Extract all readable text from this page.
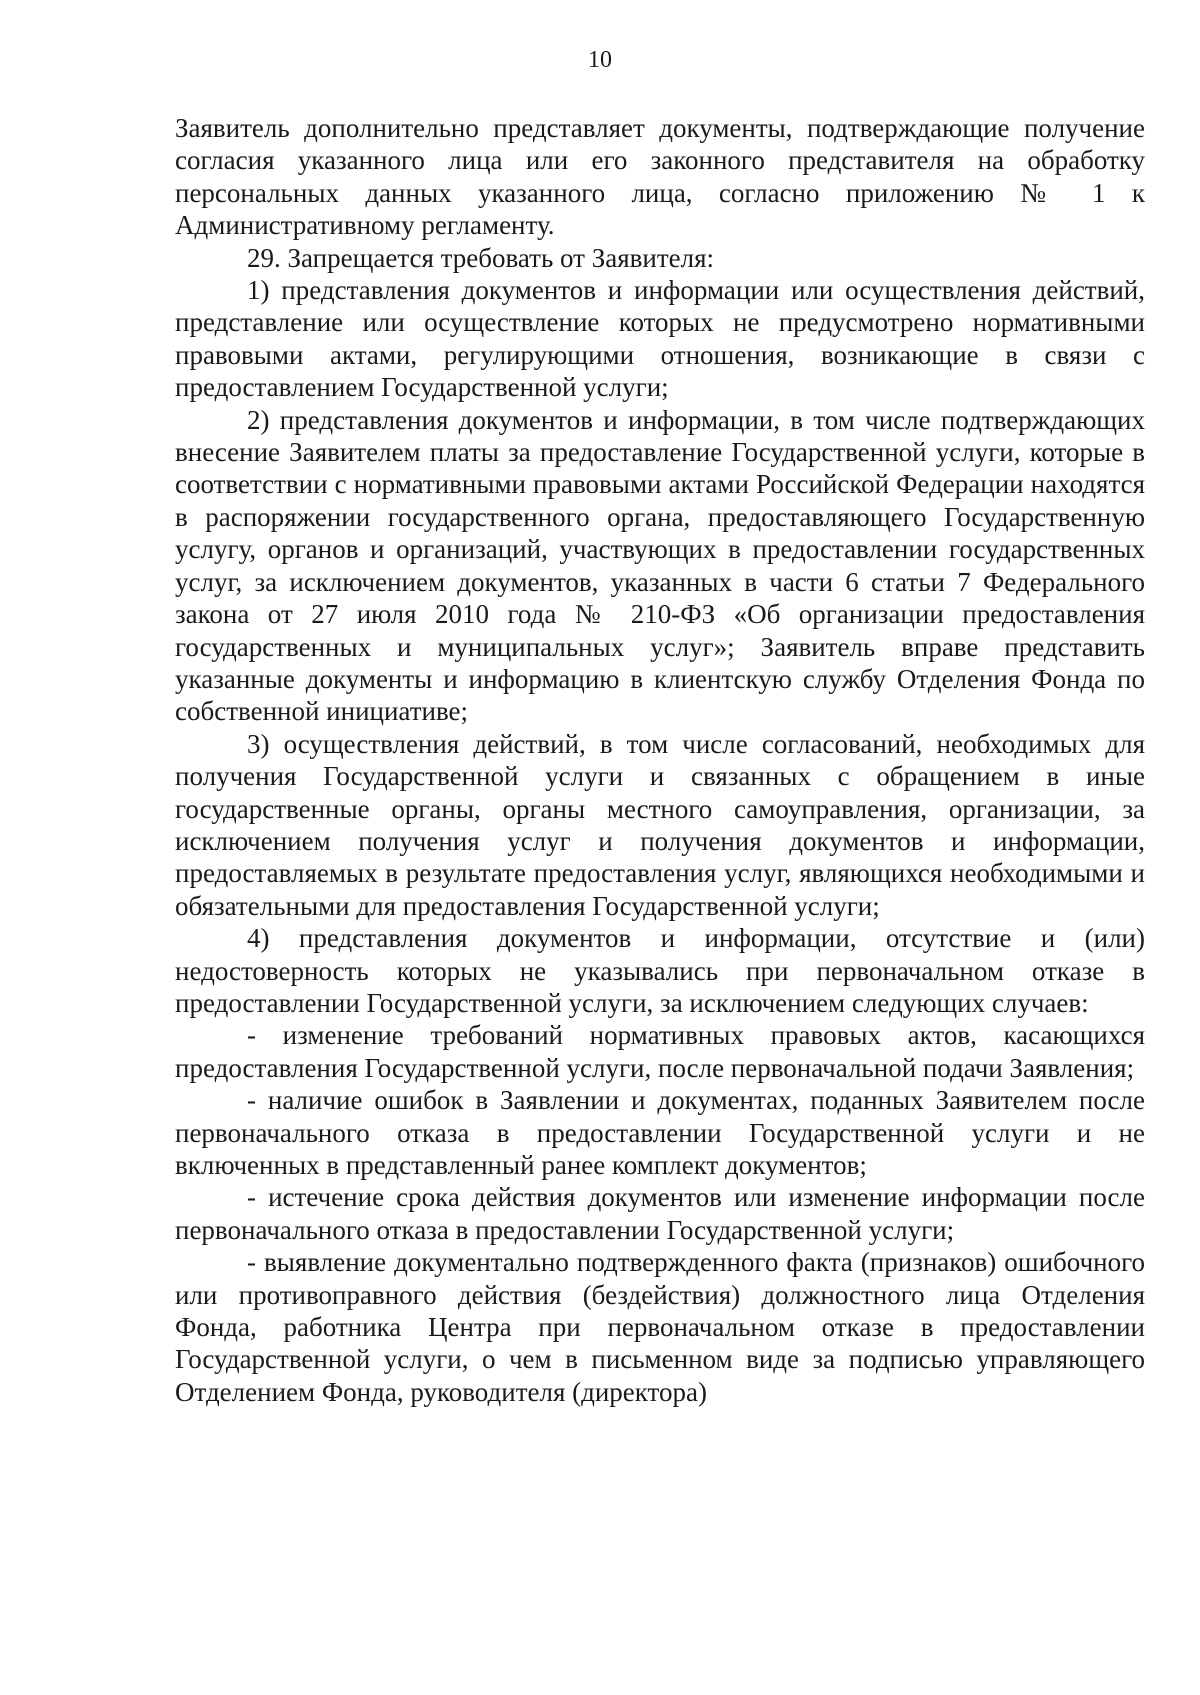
10

Заявитель дополнительно представляет документы, подтверждающие получение согласия указанного лица или его законного представителя на обработку персональных данных указанного лица, согласно приложению № 1 к Административному регламенту.

29. Запрещается требовать от Заявителя:

1) представления документов и информации или осуществления действий, представление или осуществление которых не предусмотрено нормативными правовыми актами, регулирующими отношения, возникающие в связи с предоставлением Государственной услуги;

2) представления документов и информации, в том числе подтверждающих внесение Заявителем платы за предоставление Государственной услуги, которые в соответствии с нормативными правовыми актами Российской Федерации находятся в распоряжении государственного органа, предоставляющего Государственную услугу, органов и организаций, участвующих в предоставлении государственных услуг, за исключением документов, указанных в части 6 статьи 7 Федерального закона от 27 июля 2010 года № 210-ФЗ «Об организации предоставления государственных и муниципальных услуг»; Заявитель вправе представить указанные документы и информацию в клиентскую службу Отделения Фонда по собственной инициативе;

3) осуществления действий, в том числе согласований, необходимых для получения Государственной услуги и связанных с обращением в иные государственные органы, органы местного самоуправления, организации, за исключением получения услуг и получения документов и информации, предоставляемых в результате предоставления услуг, являющихся необходимыми и обязательными для предоставления Государственной услуги;

4) представления документов и информации, отсутствие и (или) недостоверность которых не указывались при первоначальном отказе в предоставлении Государственной услуги, за исключением следующих случаев:

- изменение требований нормативных правовых актов, касающихся предоставления Государственной услуги, после первоначальной подачи Заявления;

- наличие ошибок в Заявлении и документах, поданных Заявителем после первоначального отказа в предоставлении Государственной услуги и не включенных в представленный ранее комплект документов;

- истечение срока действия документов или изменение информации после первоначального отказа в предоставлении Государственной услуги;

- выявление документально подтвержденного факта (признаков) ошибочного или противоправного действия (бездействия) должностного лица Отделения Фонда, работника Центра при первоначальном отказе в предоставлении Государственной услуги, о чем в письменном виде за подписью управляющего Отделением Фонда, руководителя (директора)
